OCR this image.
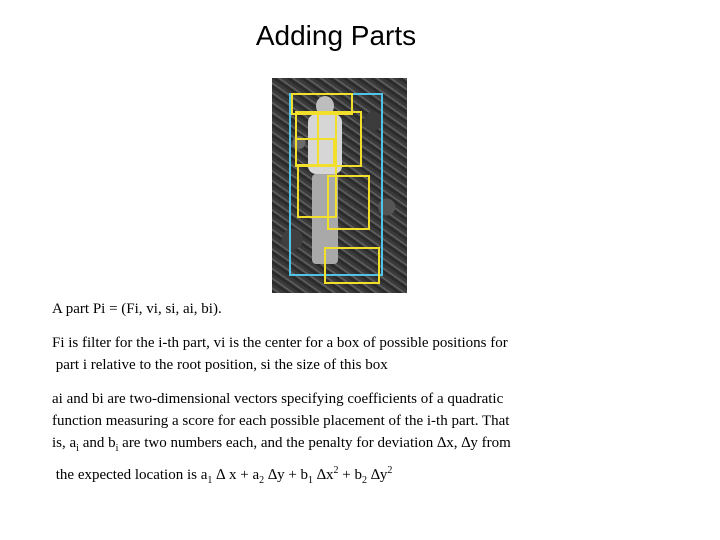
Adding Parts

A part Pi = (Fi, vi, si, ai, bi).

Fi is filter for the i-th part, vi is the center for a box of possible positions for

part i relative to the root position, si the size of this box

ai and bi are two-dimensional vectors specifying coefficients of a quadratic

function measuring a score for each possible placement of the i-th part. That

is, $a_i$ and $b_i$ are two numbers each, and the penalty for deviation ∆x, ∆y from

the expected location is $a_1$ ∆ $x + a_2$ $\Delta y + b_1$ $\Delta x^2 + b_2$ $\Delta y^2$
